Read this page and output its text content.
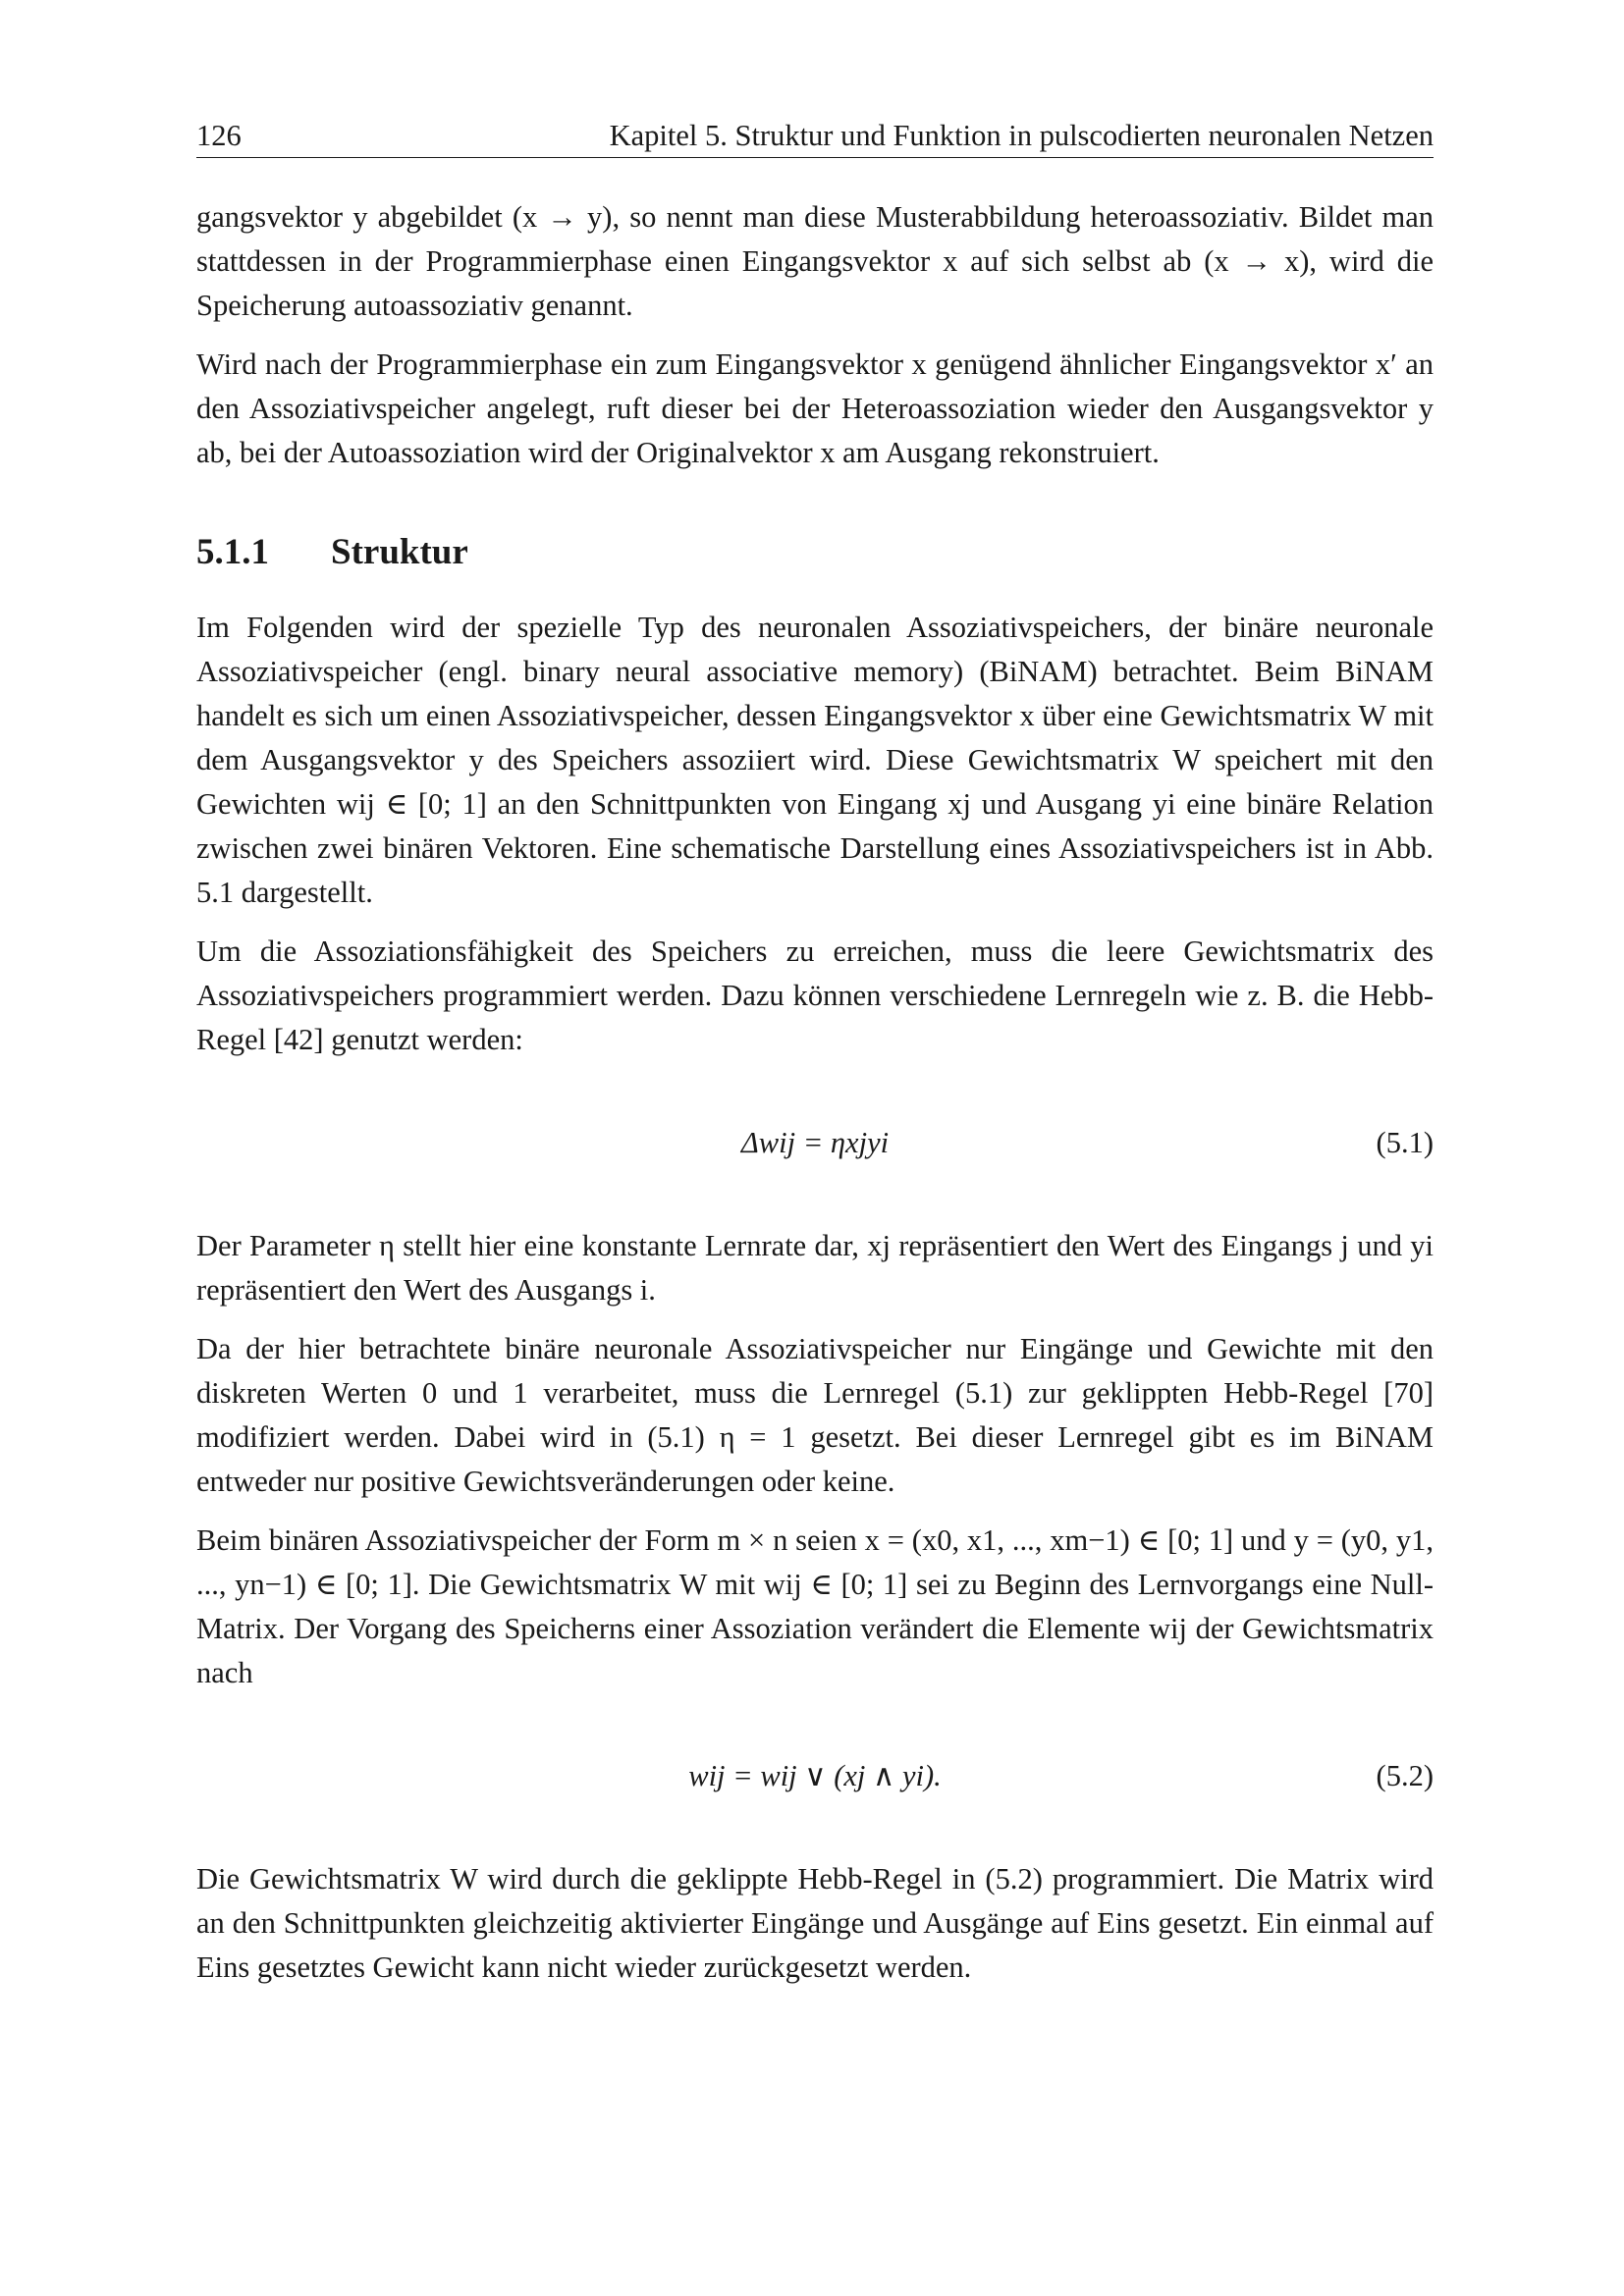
126	Kapitel 5. Struktur und Funktion in pulscodierten neuronalen Netzen

gangsvektor y abgebildet (x → y), so nennt man diese Musterabbildung heteroassoziativ. Bildet man stattdessen in der Programmierphase einen Eingangsvektor x auf sich selbst ab (x → x), wird die Speicherung autoassoziativ genannt.

Wird nach der Programmierphase ein zum Eingangsvektor x genügend ähnlicher Eingangsvektor x′ an den Assoziativspeicher angelegt, ruft dieser bei der Heteroassoziation wieder den Ausgangsvektor y ab, bei der Autoassoziation wird der Originalvektor x am Ausgang rekonstruiert.

5.1.1 Struktur

Im Folgenden wird der spezielle Typ des neuronalen Assoziativspeichers, der binäre neuronale Assoziativspeicher (engl. binary neural associative memory) (BiNAM) betrachtet. Beim BiNAM handelt es sich um einen Assoziativspeicher, dessen Eingangsvektor x über eine Gewichtsmatrix W mit dem Ausgangsvektor y des Speichers assoziiert wird. Diese Gewichtsmatrix W speichert mit den Gewichten wij ∈ [0; 1] an den Schnittpunkten von Eingang xj und Ausgang yi eine binäre Relation zwischen zwei binären Vektoren. Eine schematische Darstellung eines Assoziativspeichers ist in Abb. 5.1 dargestellt.

Um die Assoziationsfähigkeit des Speichers zu erreichen, muss die leere Gewichtsmatrix des Assoziativspeichers programmiert werden. Dazu können verschiedene Lernregeln wie z. B. die Hebb-Regel [42] genutzt werden:

Δwij = ηxjyi	(5.1)

Der Parameter η stellt hier eine konstante Lernrate dar, xj repräsentiert den Wert des Eingangs j und yi repräsentiert den Wert des Ausgangs i.

Da der hier betrachtete binäre neuronale Assoziativspeicher nur Eingänge und Gewichte mit den diskreten Werten 0 und 1 verarbeitet, muss die Lernregel (5.1) zur geklippten Hebb-Regel [70] modifiziert werden. Dabei wird in (5.1) η = 1 gesetzt. Bei dieser Lernregel gibt es im BiNAM entweder nur positive Gewichtsveränderungen oder keine.

Beim binären Assoziativspeicher der Form m × n seien x = (x0, x1, ..., xm−1) ∈ [0; 1] und y = (y0, y1, ..., yn−1) ∈ [0; 1]. Die Gewichtsmatrix W mit wij ∈ [0; 1] sei zu Beginn des Lernvorgangs eine Null-Matrix. Der Vorgang des Speicherns einer Assoziation verändert die Elemente wij der Gewichtsmatrix nach

wij = wij ∨ (xj ∧ yi).	(5.2)

Die Gewichtsmatrix W wird durch die geklippte Hebb-Regel in (5.2) programmiert. Die Matrix wird an den Schnittpunkten gleichzeitig aktivierter Eingänge und Ausgänge auf Eins gesetzt. Ein einmal auf Eins gesetztes Gewicht kann nicht wieder zurückgesetzt werden.
